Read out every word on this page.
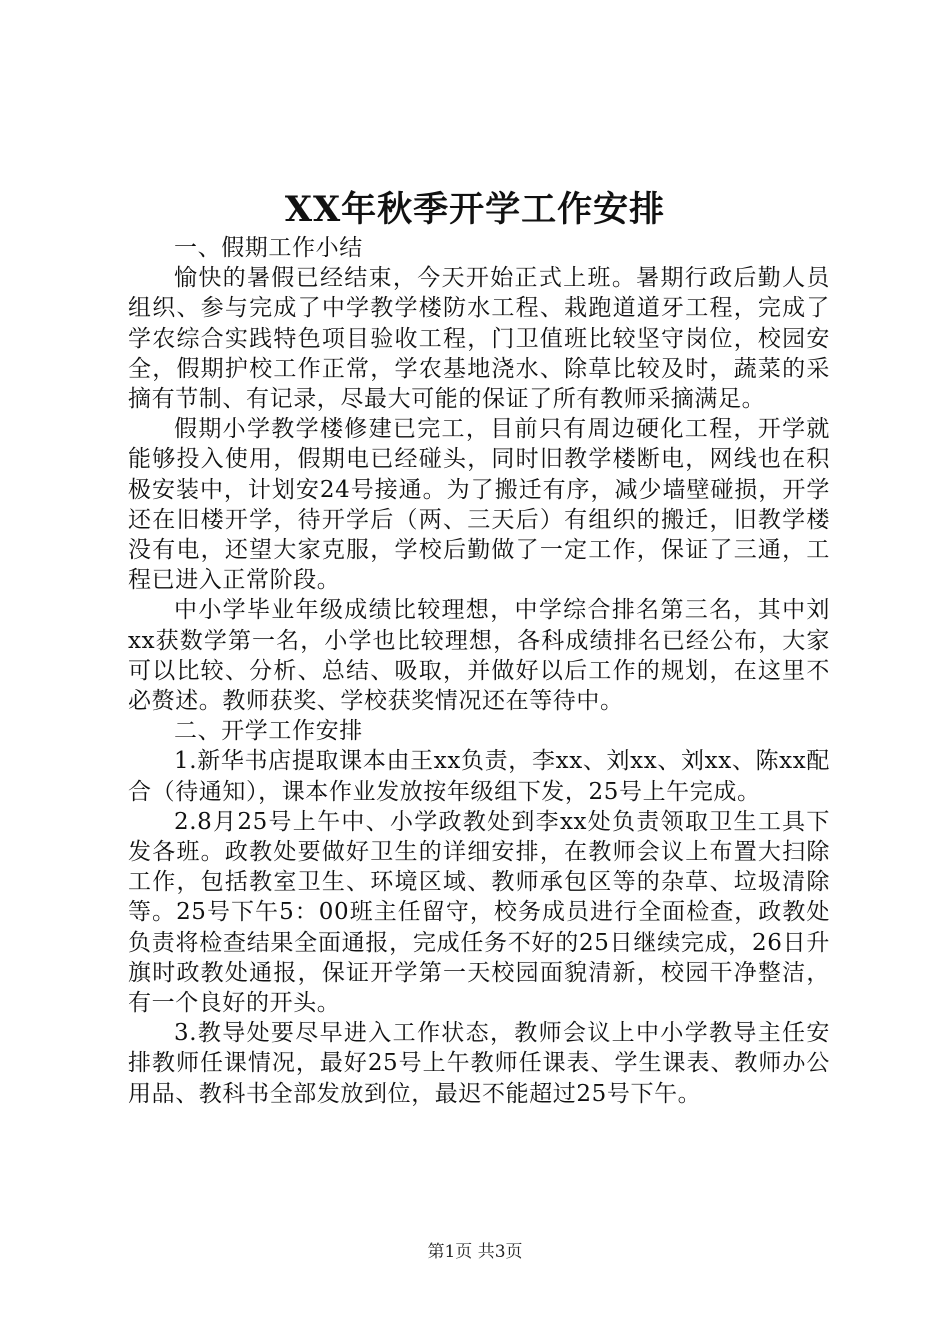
XX年秋季开学工作安排

一、假期工作小结

愉快的暑假已经结束，今天开始正式上班。暑期行政后勤人员组织、参与完成了中学教学楼防水工程、栽跑道道牙工程，完成了学农综合实践特色项目验收工程，门卫值班比较坚守岗位，校园安全，假期护校工作正常，学农基地浇水、除草比较及时，蔬菜的采摘有节制、有记录，尽最大可能的保证了所有教师采摘满足。

假期小学教学楼修建已完工，目前只有周边硬化工程，开学就能够投入使用，假期电已经碰头，同时旧教学楼断电，网线也在积极安装中，计划安24号接通。为了搬迁有序，减少墙壁碰损，开学还在旧楼开学，待开学后（两、三天后）有组织的搬迁，旧教学楼没有电，还望大家克服，学校后勤做了一定工作，保证了三通，工程已进入正常阶段。

中小学毕业年级成绩比较理想，中学综合排名第三名，其中刘xx获数学第一名，小学也比较理想，各科成绩排名已经公布，大家可以比较、分析、总结、吸取，并做好以后工作的规划，在这里不必赘述。教师获奖、学校获奖情况还在等待中。

二、开学工作安排

1.新华书店提取课本由王xx负责，李xx、刘xx、刘xx、陈xx配合（待通知），课本作业发放按年级组下发，25号上午完成。

2.8月25号上午中、小学政教处到李xx处负责领取卫生工具下发各班。政教处要做好卫生的详细安排，在教师会议上布置大扫除工作，包括教室卫生、环境区域、教师承包区等的杂草、垃圾清除等。25号下午5：00班主任留守，校务成员进行全面检查，政教处负责将检查结果全面通报，完成任务不好的25日继续完成，26日升旗时政教处通报，保证开学第一天校园面貌清新，校园干净整洁，有一个良好的开头。

3.教导处要尽早进入工作状态，教师会议上中小学教导主任安排教师任课情况，最好25号上午教师任课表、学生课表、教师办公用品、教科书全部发放到位，最迟不能超过25号下午。

第1页 共3页
